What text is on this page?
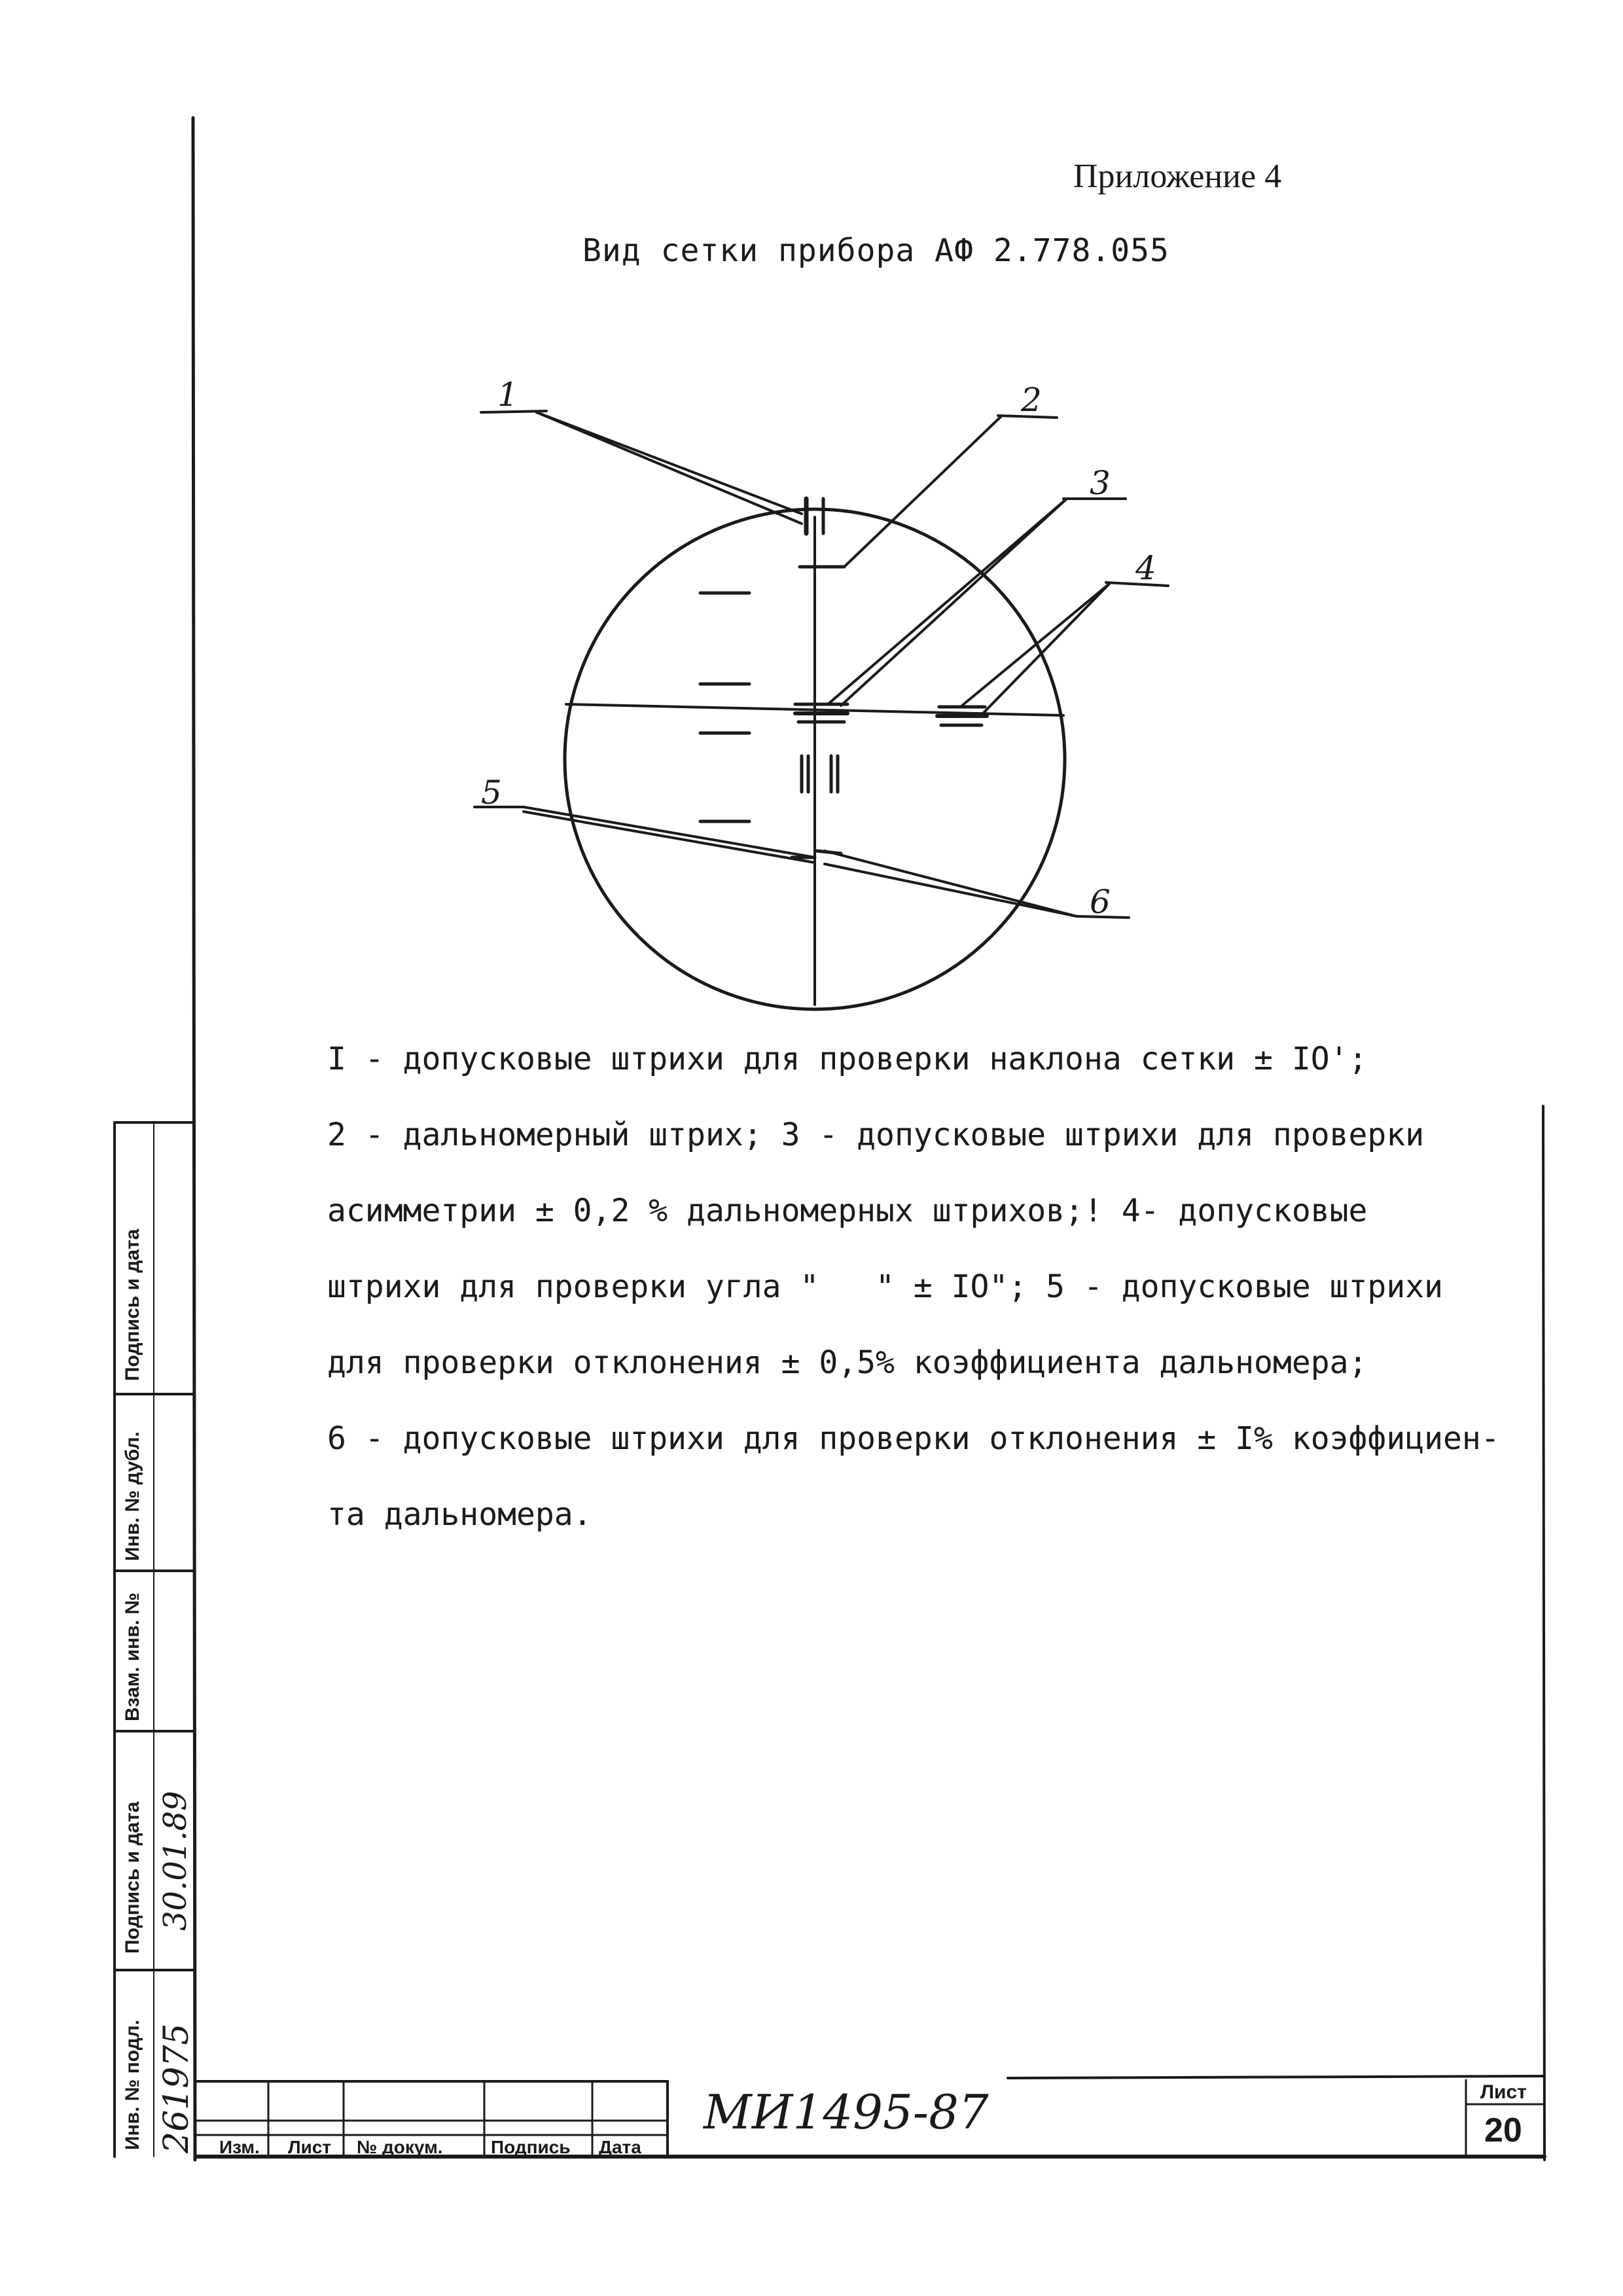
Приложение 4
Вид сетки прибора АФ 2.778.055
1	2
3
4
5
6

I - допусковые штрихи для проверки наклона сетки ± IO';

2 - дальномерный штрих; 3 - допусковые штрихи для проверки

асимметрии ± 0,2 % дальномерных штрихов;! 4- допусковые

штрихи для проверки угла "   " ± IO"; 5 - допусковые штрихи

для проверки отклонения ± 0,5% коэффициента дальномера;

6 - допусковые штрихи для проверки отклонения ± I% коэффициен-

та дальномера.

Инв. № подл.
Подпись и дата
Взам. инв. №
Инв. № дубл.
Подпись и дата
261975
30.01.89
Изм. Лист № докум.	Подпись Дата
МИ1495-87	Лист
20
